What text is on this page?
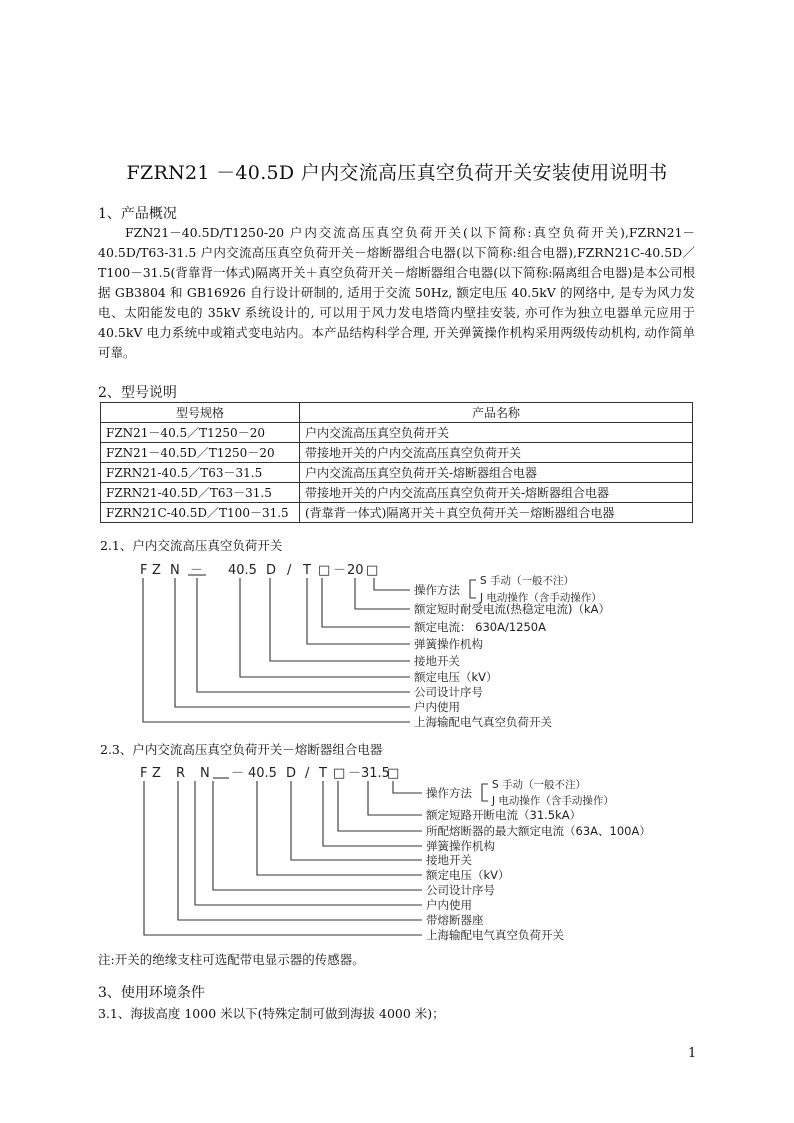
FZRN21 －40.5D 户内交流高压真空负荷开关安装使用说明书
1、产品概况
FZN21－40.5D/T1250-20 户内交流高压真空负荷开关(以下简称:真空负荷开关),FZRN21－40.5D/T63-31.5 户内交流高压真空负荷开关－熔断器组合电器(以下简称:组合电器),FZRN21C-40.5D／T100－31.5(背靠背一体式)隔离开关＋真空负荷开关－熔断器组合电器(以下简称:隔离组合电器)是本公司根据 GB3804 和 GB16926 自行设计研制的, 适用于交流 50Hz, 额定电压 40.5kV 的网络中, 是专为风力发电、太阳能发电的 35kV 系统设计的, 可以用于风力发电塔筒内壁挂安装, 亦可作为独立电器单元应用于 40.5kV 电力系统中或箱式变电站内。本产品结构科学合理, 开关弹簧操作机构采用两级传动机构, 动作简单可靠。
2、型号说明
型号规格	产品名称
FZN21－40.5／T1250－20	户内交流高压真空负荷开关
FZN21－40.5D／T1250－20	带接地开关的户内交流高压真空负荷开关
FZRN21-40.5／T63－31.5	户内交流高压真空负荷开关-熔断器组合电器
FZRN21-40.5D／T63－31.5	带接地开关的户内交流高压真空负荷开关-熔断器组合电器
FZRN21C-40.5D／T100－31.5	(背靠背一体式)隔离开关＋真空负荷开关－熔断器组合电器
2.1、户内交流高压真空负荷开关
F Z N － 40.5 D / T □ － 20 □
操作方法
S 手动（一般不注）
J 电动操作（含手动操作）
额定短时耐受电流(热稳定电流)（kA）
额定电流： 630A/1250A
弹簧操作机构
接地开关
额定电压（kV）
公司设计序号
户内使用
上海输配电气真空负荷开关
F Z R N － 40.5 D / T □ － 31.5
□
操作方法
S 手动（一般不注）
J 电动操作（含手动操作）
额定短路开断电流（31.5kA）
所配熔断器的最大额定电流（63A、100A）
弹簧操作机构
接地开关
额定电压（kV）
公司设计序号
户内使用
带熔断器座
上海输配电气真空负荷开关
2.3、户内交流高压真空负荷开关－熔断器组合电器
注:开关的绝缘支柱可选配带电显示器的传感器。
3、使用环境条件
3.1、海拔高度 1000 米以下(特殊定制可做到海拔 4000 米)；
1
